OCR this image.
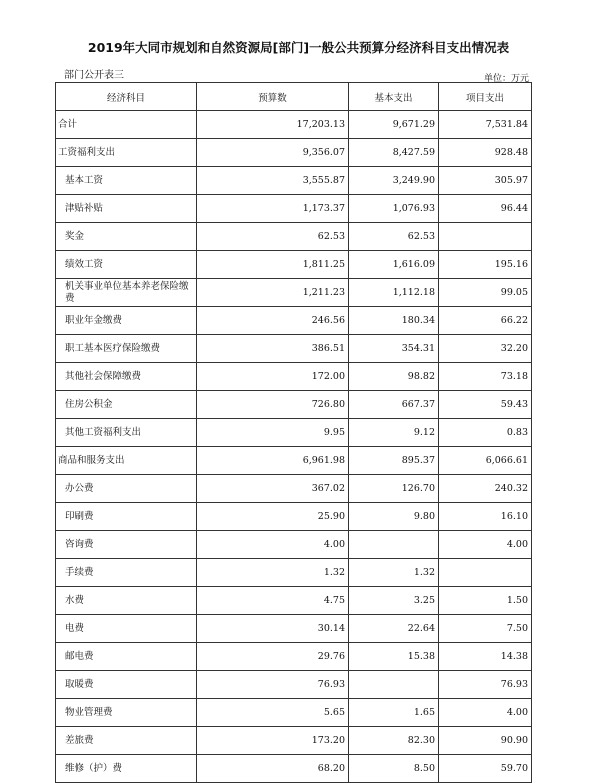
2019年大同市规划和自然资源局[部门]一般公共预算分经济科目支出情况表
部门公开表三	单位：万元
经济科目	预算数	基本支出	项目支出
合计	17,203.13	9,671.29	7,531.84
工资福利支出	9,356.07	8,427.59	928.48
基本工资	3,555.87	3,249.90	305.97
津贴补贴	1,173.37	1,076.93	96.44
奖金	62.53	62.53	
绩效工资	1,811.25	1,616.09	195.16
机关事业单位基本养老保险缴费	1,211.23	1,112.18	99.05
职业年金缴费	246.56	180.34	66.22
职工基本医疗保险缴费	386.51	354.31	32.20
其他社会保障缴费	172.00	98.82	73.18
住房公积金	726.80	667.37	59.43
其他工资福利支出	9.95	9.12	0.83
商品和服务支出	6,961.98	895.37	6,066.61
办公费	367.02	126.70	240.32
印刷费	25.90	9.80	16.10
咨询费	4.00		4.00
手续费	1.32	1.32	
水费	4.75	3.25	1.50
电费	30.14	22.64	7.50
邮电费	29.76	15.38	14.38
取暖费	76.93		76.93
物业管理费	5.65	1.65	4.00
差旅费	173.20	82.30	90.90
维修（护）费	68.20	8.50	59.70
